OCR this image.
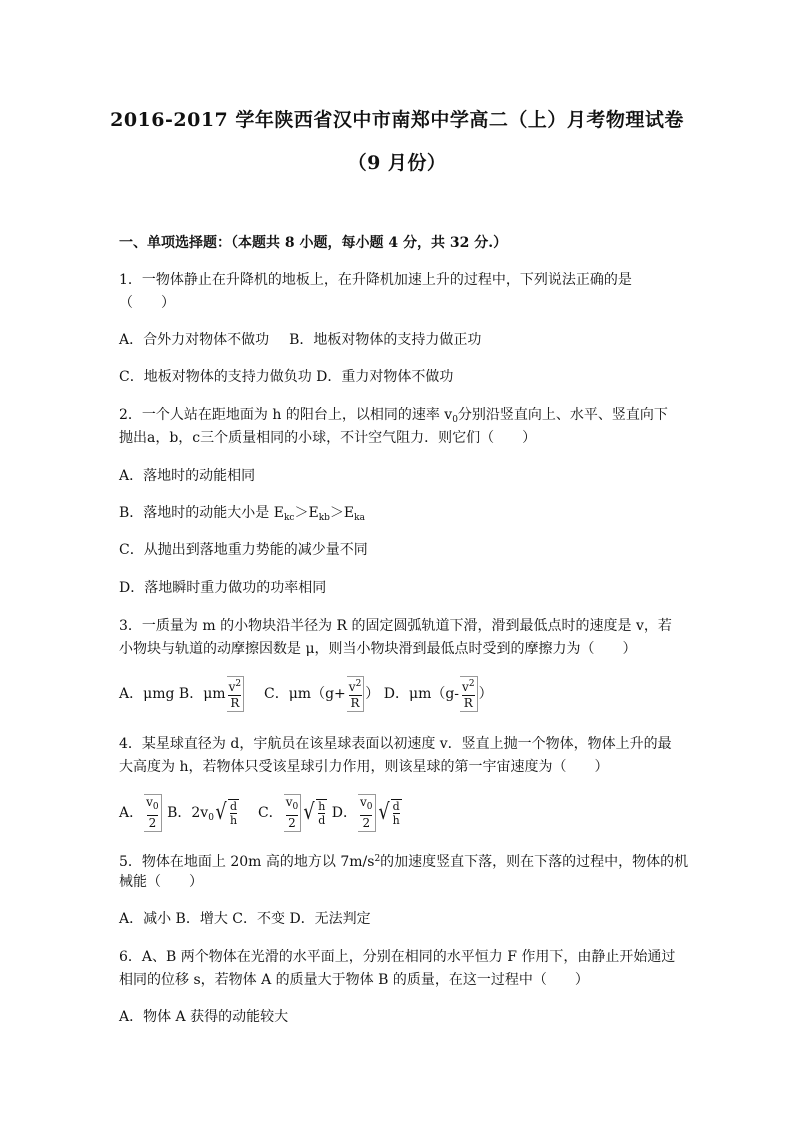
2016-2017 学年陕西省汉中市南郑中学高二（上）月考物理试卷
（9 月份）
一、单项选择题：（本题共 8 小题，每小题 4 分，共 32 分.）
1．一物体静止在升降机的地板上，在升降机加速上升的过程中，下列说法正确的是
（　　）
A．合外力对物体不做功 B．地板对物体的支持力做正功
C．地板对物体的支持力做负功 D．重力对物体不做功
2．一个人站在距地面为 h 的阳台上，以相同的速率 $v_0$分别沿竖直向上、水平、竖直向下
抛出a，b，c三个质量相同的小球，不计空气阻力．则它们（　　）
A．落地时的动能相同
B．落地时的动能大小是 $E_{kc}>E_{kb}>E_{ka}$
C．从抛出到落地重力势能的减少量不同
D．落地瞬时重力做功的功率相同
3．一质量为 m 的小物块沿半径为 R 的固定圆弧轨道下滑，滑到最低点时的速度是 v，若
小物块与轨道的动摩擦因数是 μ，则当小物块滑到最低点时受到的摩擦力为（　　）
A．μmg B．μm $\frac{v^2}{R}$ C．$\mu m(g+ \frac{v^2}{R}$ ） D．$\mu m(g- \frac{v^2}{R}$ ）
4．某星球直径为 d，宇航员在该星球表面以初速度 v．竖直上抛一个物体，物体上升的最
大高度为 h，若物体只受该星球引力作用，则该星球的第一宇宙速度为（　　）
A． $\frac{v_0}{2}$ B．$2v_0$ √ d
h C． $\frac{v_0}{2}$ √ h
d D． $\frac{v_0}{2}$ √ d
h
5．物体在地面上 20m 高的地方以 $7m/s^2$的加速度竖直下落，则在下落的过程中，物体的机
械能（　　）
A．减小 B．增大 C．不变 D．无法判定
6．A、B 两个物体在光滑的水平面上，分别在相同的水平恒力 F 作用下，由静止开始通过
相同的位移 s，若物体 A 的质量大于物体 B 的质量，在这一过程中（　　）
A．物体 A 获得的动能较大
